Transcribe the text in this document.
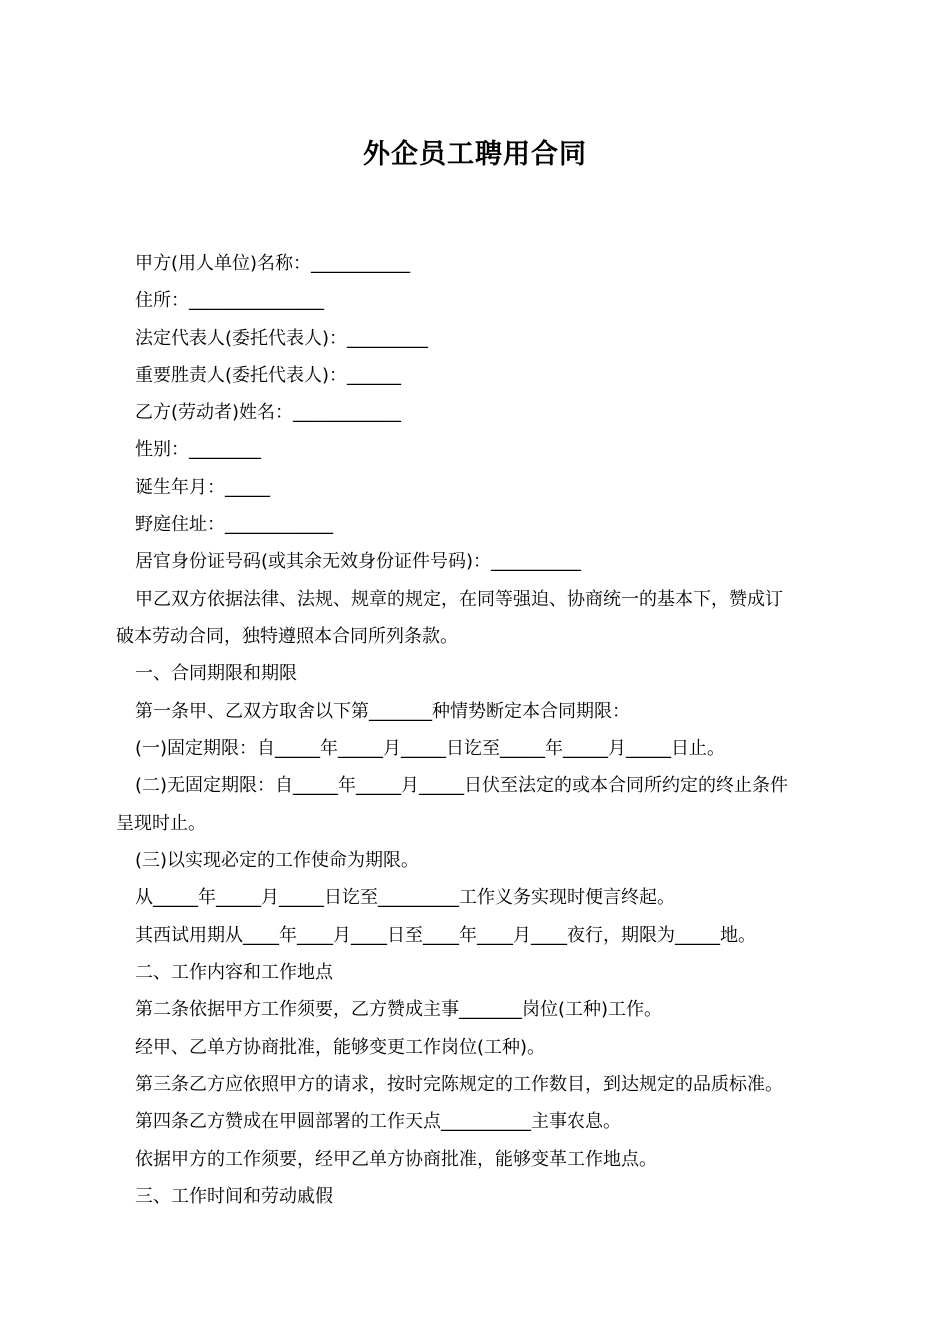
外企员工聘用合同
甲方(用人单位)名称：___________
住所：_______________
法定代表人(委托代表人)：_________
重要胜责人(委托代表人)：______
乙方(劳动者)姓名：____________
性别：________
诞生年月：_____
野庭住址：____________
居官身份证号码(或其余无效身份证件号码)：__________
甲乙双方依据法律、法规、规章的规定，在同等强迫、协商统一的基本下，赞成订
破本劳动合同，独特遵照本合同所列条款。
一、合同期限和期限
第一条甲、乙双方取舍以下第_______种情势断定本合同期限：
(一)固定期限：自_____年_____月_____日讫至_____年_____月_____日止。
(二)无固定期限：自_____年_____月_____日伏至法定的或本合同所约定的终止条件
呈现时止。
(三)以实现必定的工作使命为期限。
从_____年_____月_____日讫至_________工作义务实现时便言终起。
其西试用期从____年____月____日至____年____月____夜行，期限为_____地。
二、工作内容和工作地点
第二条依据甲方工作须要，乙方赞成主事_______岗位(工种)工作。
经甲、乙单方协商批准，能够变更工作岗位(工种)。
第三条乙方应依照甲方的请求，按时完陈规定的工作数目，到达规定的品质标准。
第四条乙方赞成在甲圆部署的工作天点__________主事农息。
依据甲方的工作须要，经甲乙单方协商批准，能够变革工作地点。
三、工作时间和劳动戚假
